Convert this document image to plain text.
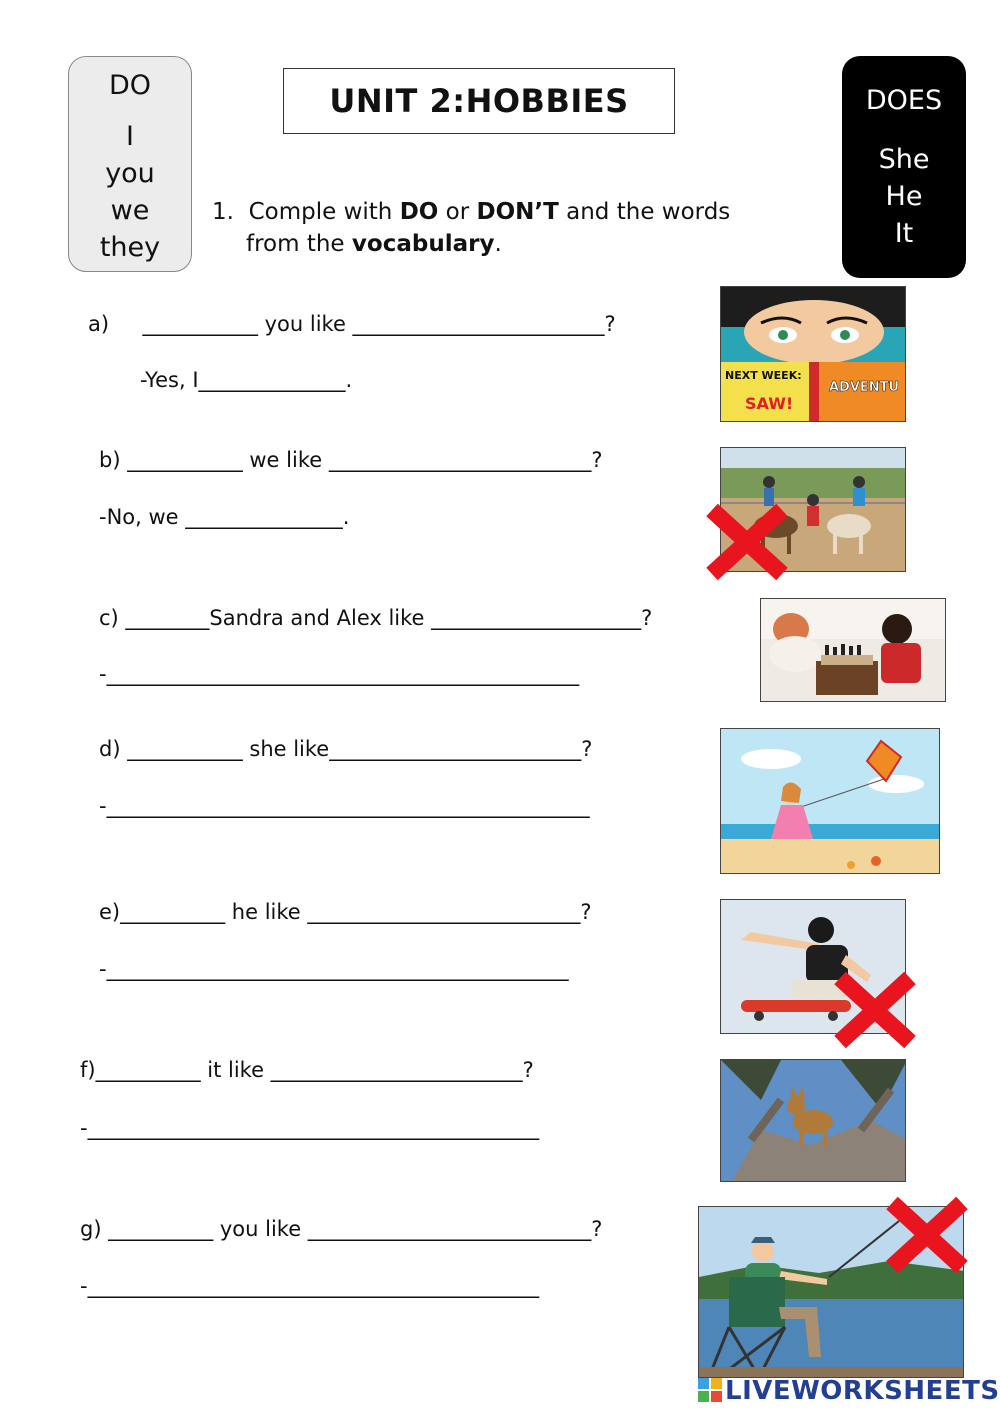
DO
I
you
we
they
UNIT 2:HOBBIES	DOES
She
He
It
1. Comple with DO or DON’T and the words
from the vocabulary.
a)     ___________ you like ________________________?
-Yes, I______________.
b) ___________ we like _________________________?
-No, we _______________.
c) ________Sandra and Alex like ____________________?
-_____________________________________________
d) ___________ she like________________________?
-______________________________________________
e)__________ he like __________________________?
-____________________________________________
f)__________ it like ________________________?
-___________________________________________
g) __________ you like ___________________________?
-___________________________________________
NEXT WEEK:
SAW!
ADVENTU
LIVEWORKSHEETS
